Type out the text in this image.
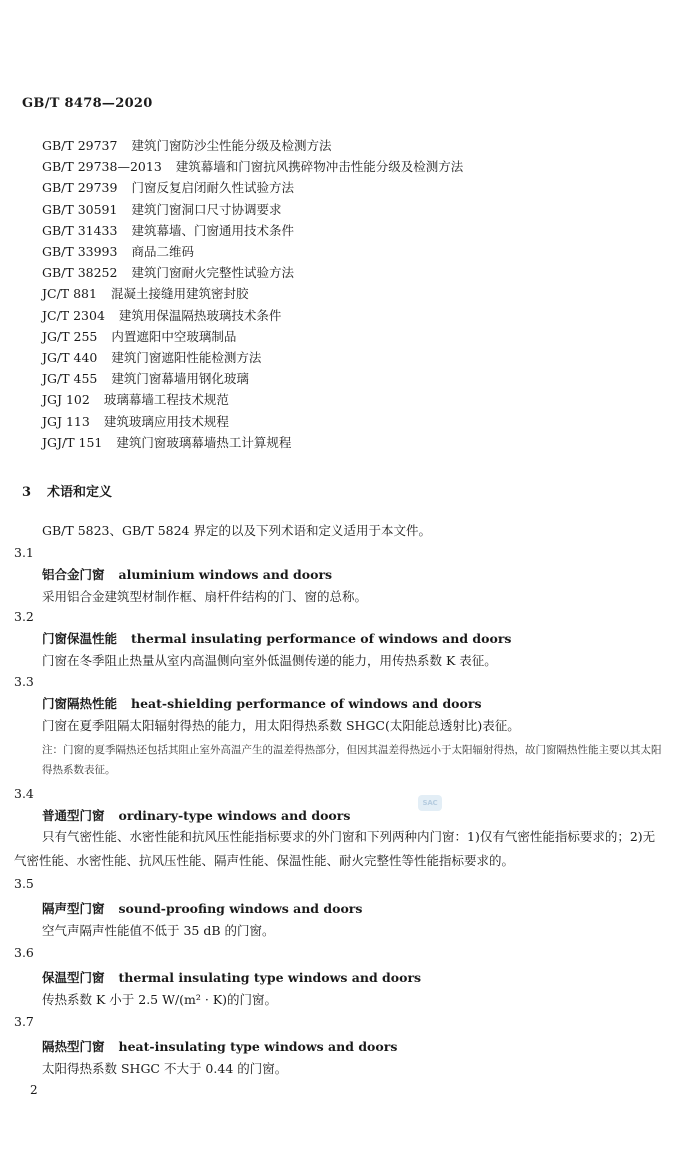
GB/T 8478—2020
GB/T 29737 建筑门窗防沙尘性能分级及检测方法
GB/T 29738—2013 建筑幕墙和门窗抗风携碎物冲击性能分级及检测方法
GB/T 29739 门窗反复启闭耐久性试验方法
GB/T 30591 建筑门窗洞口尺寸协调要求
GB/T 31433 建筑幕墙、门窗通用技术条件
GB/T 33993 商品二维码
GB/T 38252 建筑门窗耐火完整性试验方法
JC/T 881 混凝土接缝用建筑密封胶
JC/T 2304 建筑用保温隔热玻璃技术条件
JG/T 255 内置遮阳中空玻璃制品
JG/T 440 建筑门窗遮阳性能检测方法
JG/T 455 建筑门窗幕墙用钢化玻璃
JGJ 102 玻璃幕墙工程技术规范
JGJ 113 建筑玻璃应用技术规程
JGJ/T 151 建筑门窗玻璃幕墙热工计算规程
3 术语和定义
GB/T 5823、GB/T 5824 界定的以及下列术语和定义适用于本文件。
3.1
铝合金门窗 aluminium windows and doors
采用铝合金建筑型材制作框、扇杆件结构的门、窗的总称。
3.2
门窗保温性能 thermal insulating performance of windows and doors
门窗在冬季阻止热量从室内高温侧向室外低温侧传递的能力，用传热系数 K 表征。
3.3
门窗隔热性能 heat-shielding performance of windows and doors
门窗在夏季阻隔太阳辐射得热的能力，用太阳得热系数 SHGC(太阳能总透射比)表征。
注：门窗的夏季隔热还包括其阻止室外高温产生的温差得热部分，但因其温差得热远小于太阳辐射得热，故门窗隔热性能主要以其太阳得热系数表征。
3.4
普通型门窗 ordinary-type windows and doors
只有气密性能、水密性能和抗风压性能指标要求的外门窗和下列两种内门窗：1)仅有气密性能指标要求的；2)无气密性能、水密性能、抗风压性能、隔声性能、保温性能、耐火完整性等性能指标要求的。
3.5
隔声型门窗 sound-proofing windows and doors
空气声隔声性能值不低于 35 dB 的门窗。
3.6
保温型门窗 thermal insulating type windows and doors
传热系数 K 小于 2.5 W/(m² · K)的门窗。
3.7
隔热型门窗 heat-insulating type windows and doors
太阳得热系数 SHGC 不大于 0.44 的门窗。
SAC
2
